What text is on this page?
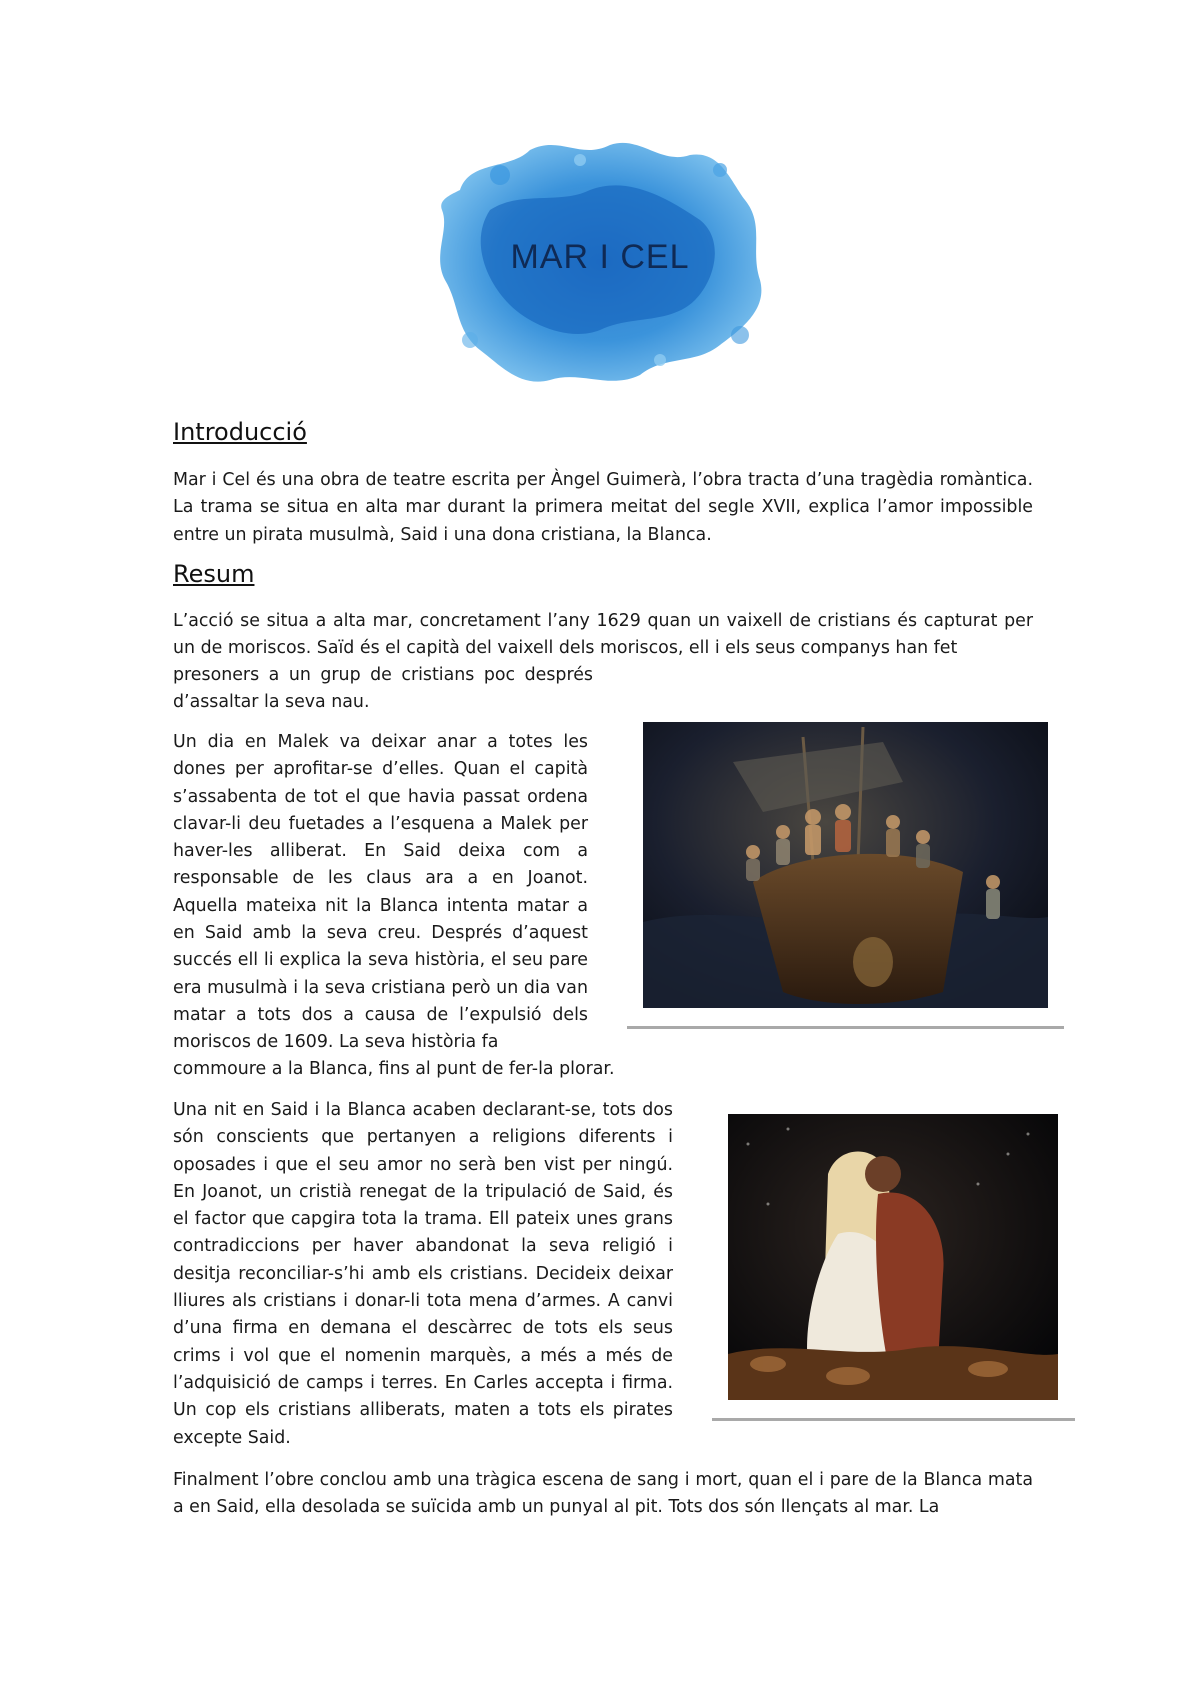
MAR I CEL
Introducció

Mar i Cel és una obra de teatre escrita per Àngel Guimerà, l’obra tracta d’una tragèdia romàntica. La trama se situa en alta mar durant la primera meitat del segle XVII, explica l’amor impossible entre un pirata musulmà, Said i una dona cristiana, la Blanca.

Resum

L’acció se situa a alta mar, concretament l’any 1629 quan un vaixell de cristians és capturat per un de moriscos. Saïd és el capità del vaixell dels moriscos, ell i els seus companys han fet

presoners a un grup de cristians poc després d’assaltar la seva nau.

Un dia en Malek va deixar anar a totes les dones per aprofitar-se d’elles. Quan el capità s’assabenta de tot el que havia passat ordena clavar-li deu fuetades a l’esquena a Malek per haver-les alliberat. En Said deixa com a responsable de les claus ara a en Joanot. Aquella mateixa nit la Blanca intenta matar a en Said amb la seva creu. Després d’aquest succés ell li explica la seva història, el seu pare era musulmà i la seva cristiana però un dia van matar a tots dos a causa de l’expulsió dels moriscos de 1609. La seva història fa

commoure a la Blanca, fins al punt de fer-la plorar.

Una nit en Said i la Blanca acaben declarant-se, tots dos són conscients que pertanyen a religions diferents i oposades i que el seu amor no serà ben vist per ningú. En Joanot, un cristià renegat de la tripulació de Said, és el factor que capgira tota la trama. Ell pateix unes grans contradiccions per haver abandonat la seva religió i desitja reconciliar-s’hi amb els cristians. Decideix deixar lliures als cristians i donar-li tota mena d’armes. A canvi d’una firma en demana el descàrrec de tots els seus crims i vol que el nomenin marquès, a més a més de l’adquisició de camps i terres. En Carles accepta i firma. Un cop els cristians alliberats, maten a tots els pirates excepte Said.

Finalment l’obre conclou amb una tràgica escena de sang i mort, quan el i pare de la Blanca mata a en Said, ella desolada se suïcida amb un punyal al pit. Tots dos són llençats al mar. La
